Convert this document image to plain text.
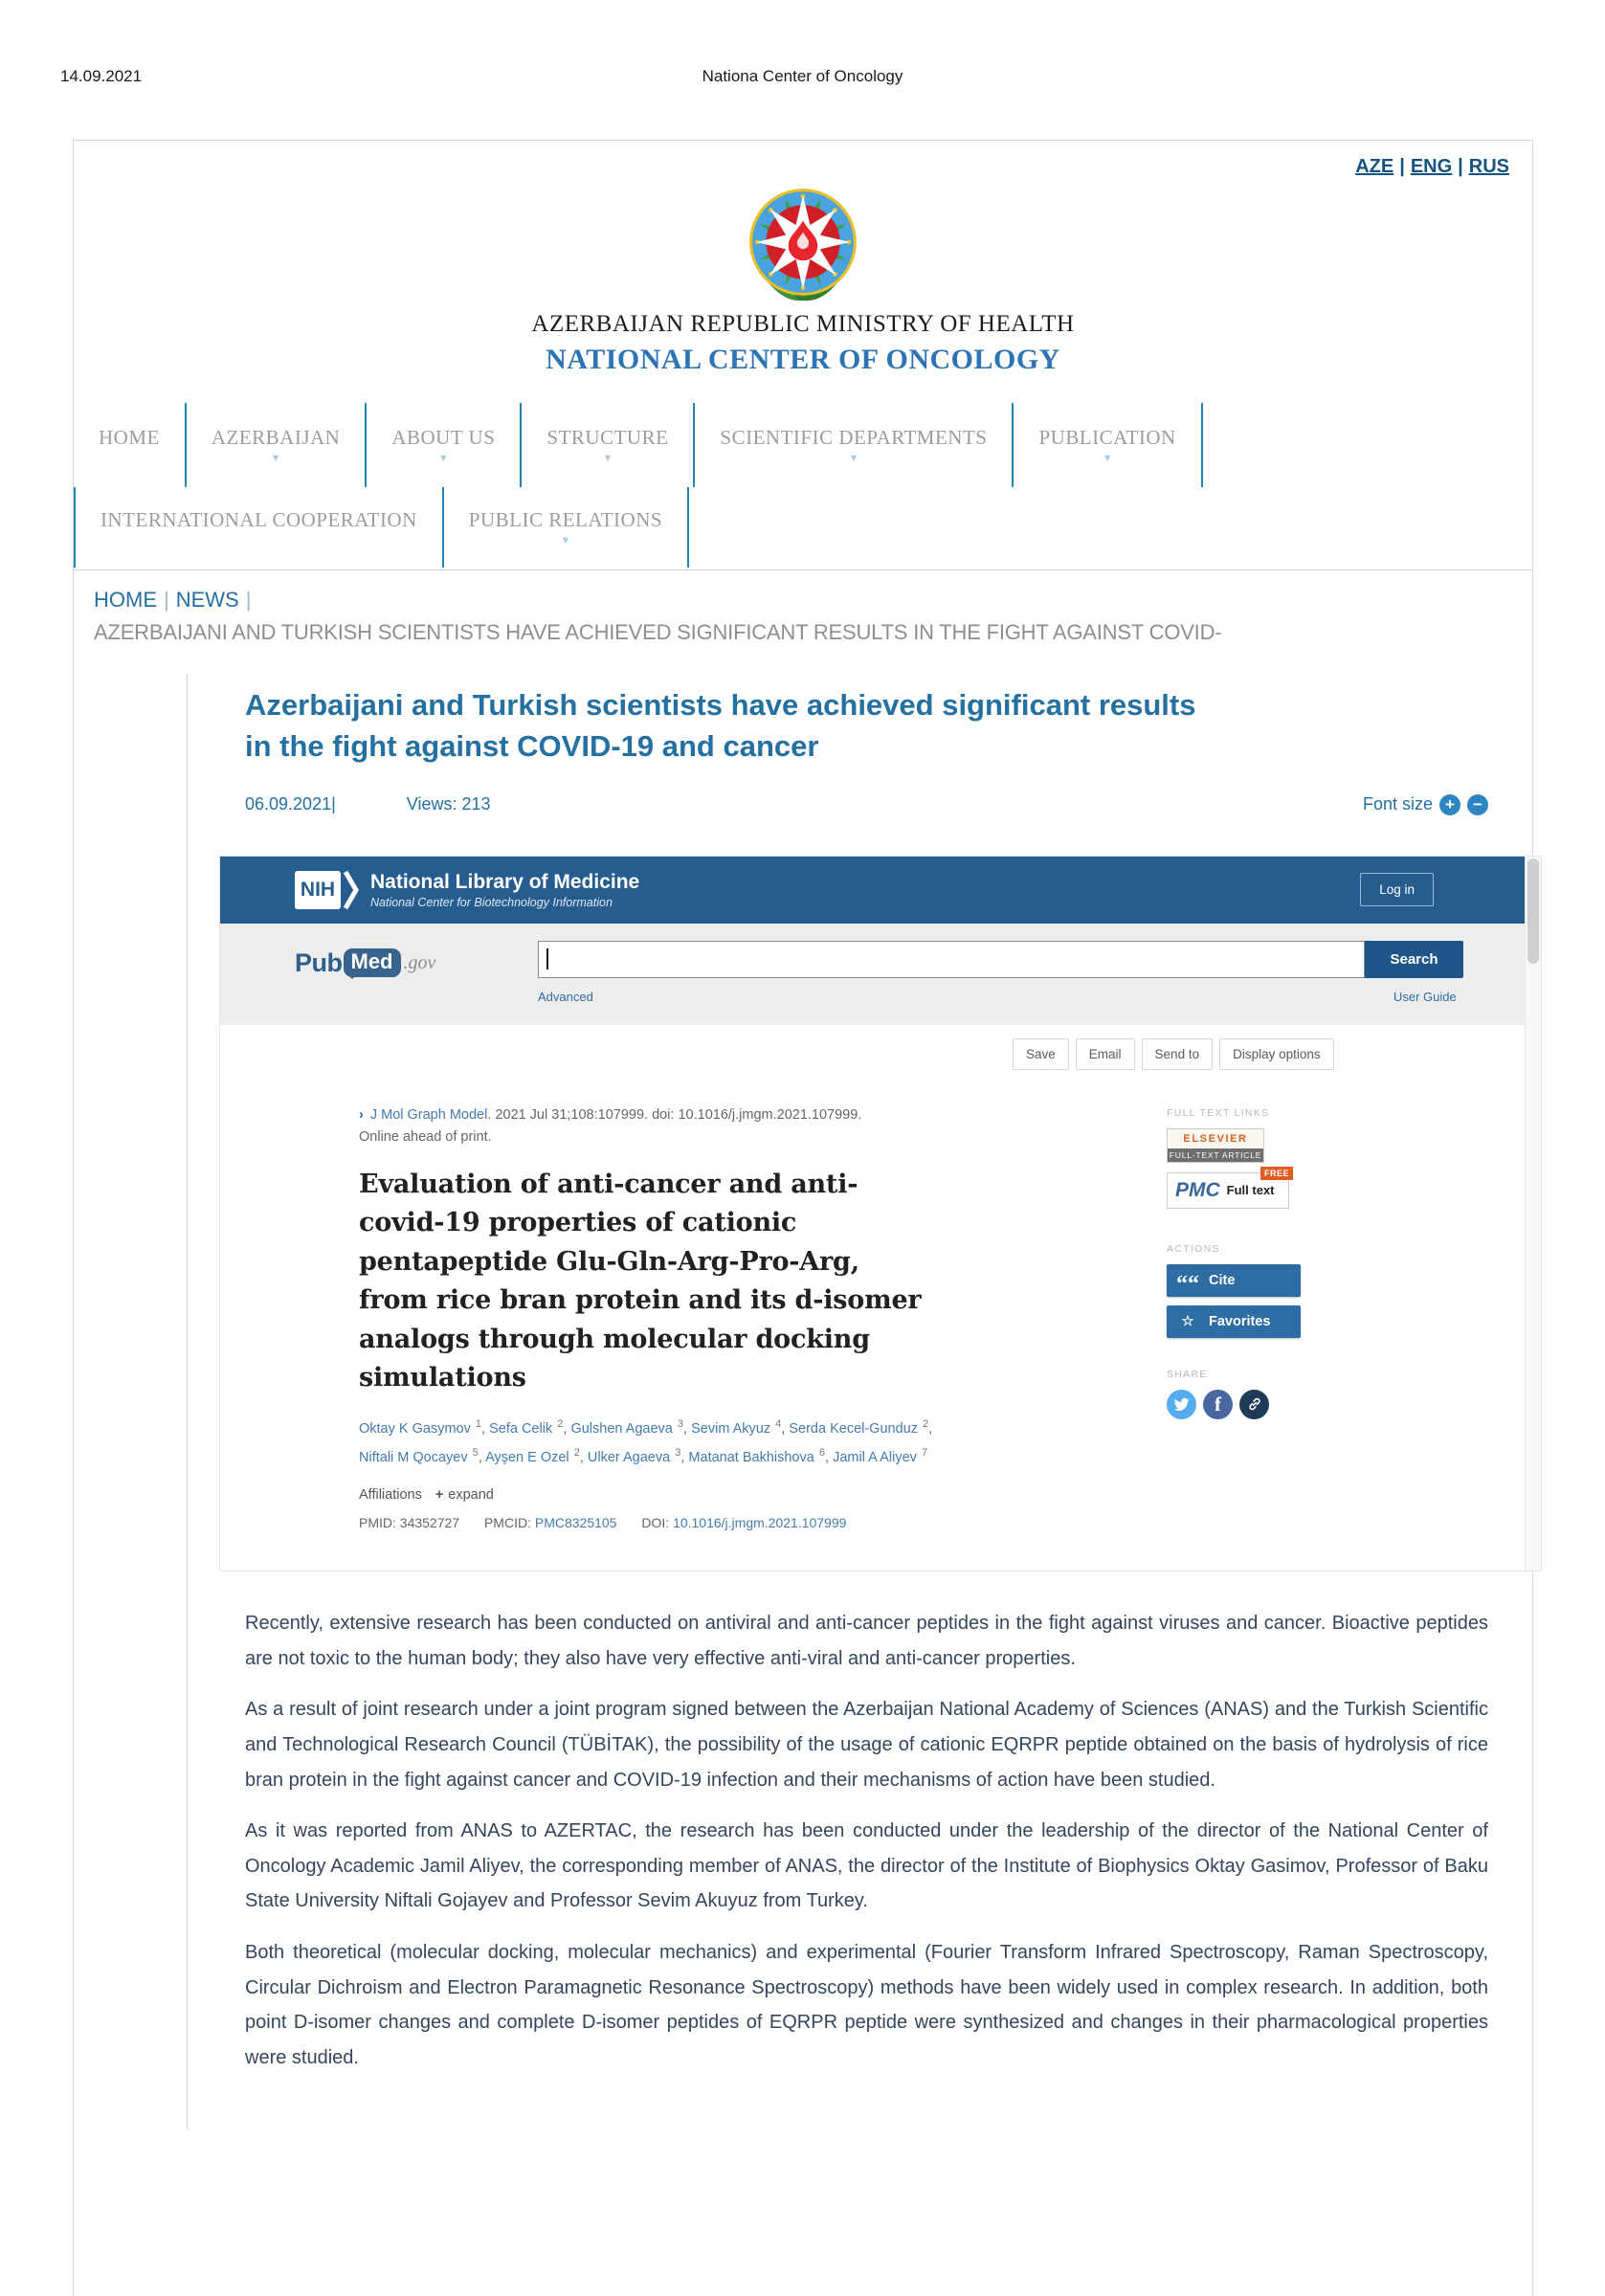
14.09.2021	Nationa Center of Oncology
AZE | ENG | RUS
AZERBAIJAN REPUBLIC MINISTRY OF HEALTH
NATIONAL CENTER OF ONCOLOGY
HOME	AZERBAIJAN
▼
ABOUT US
▼
STRUCTURE
▼
SCIENTIFIC DEPARTMENTS
▼
PUBLICATION
▼
INTERNATIONAL COOPERATION	PUBLIC RELATIONS
▼
HOME | NEWS |
AZERBAIJANI AND TURKISH SCIENTISTS HAVE ACHIEVED SIGNIFICANT RESULTS IN THE FIGHT AGAINST COVID-
Azerbaijani and Turkish scientists have achieved significant results in the fight against COVID-19 and cancer
06.09.2021 |	Views: 213	Font size +	−
NIH National Library of Medicine
National Center for Biotechnology Information
Log in
Pub Med .gov	Search
Advanced	User Guide
Save	Email	Send to	Display options
› J Mol Graph Model. 2021 Jul 31;108:107999. doi: 10.1016/j.jmgm.2021.107999.
Online ahead of print.
Evaluation of anti-cancer and anti-covid-19 properties of cationic pentapeptide Glu-Gln-Arg-Pro-Arg, from rice bran protein and its d-isomer analogs through molecular docking simulations
Oktay K Gasymov $^1$, Sefa Celik $^2$, Gulshen Agaeva $^3$, Sevim Akyuz $^4$, Serda Kecel-Gunduz $^2$,
Niftali M Qocayev $^5$, Ayşen E Ozel $^2$, Ulker Agaeva $^3$, Matanat Bakhishova $^6$, Jamil A Aliyev $^7$
Affiliations + expand
PMID: 34352727 PMCID: PMC8325105 DOI: 10.1016/j.jmgm.2021.107999
FULL TEXT LINKS
ELSEVIER
FULL-TEXT ARTICLE
PMC Full text
FREE
ACTIONS
““ Cite
☆	Favorites
SHARE
f

Recently, extensive research has been conducted on antiviral and anti-cancer peptides in the fight against viruses and cancer. Bioactive peptides are not toxic to the human body; they also have very effective anti-viral and anti-cancer properties.

As a result of joint research under a joint program signed between the Azerbaijan National Academy of Sciences (ANAS) and the Turkish Scientific and Technological Research Council (TÜBİTAK), the possibility of the usage of cationic EQRPR peptide obtained on the basis of hydrolysis of rice bran protein in the fight against cancer and COVID-19 infection and their mechanisms of action have been studied.

As it was reported from ANAS to AZERTAC, the research has been conducted under the leadership of the director of the National Center of Oncology Academic Jamil Aliyev, the corresponding member of ANAS, the director of the Institute of Biophysics Oktay Gasimov, Professor of Baku State University Niftali Gojayev and Professor Sevim Akuyuz from Turkey.

Both theoretical (molecular docking, molecular mechanics) and experimental (Fourier Transform Infrared Spectroscopy, Raman Spectroscopy, Circular Dichroism and Electron Paramagnetic Resonance Spectroscopy) methods have been widely used in complex research. In addition, both point D-isomer changes and complete D-isomer peptides of EQRPR peptide were synthesized and changes in their pharmacological properties were studied.
